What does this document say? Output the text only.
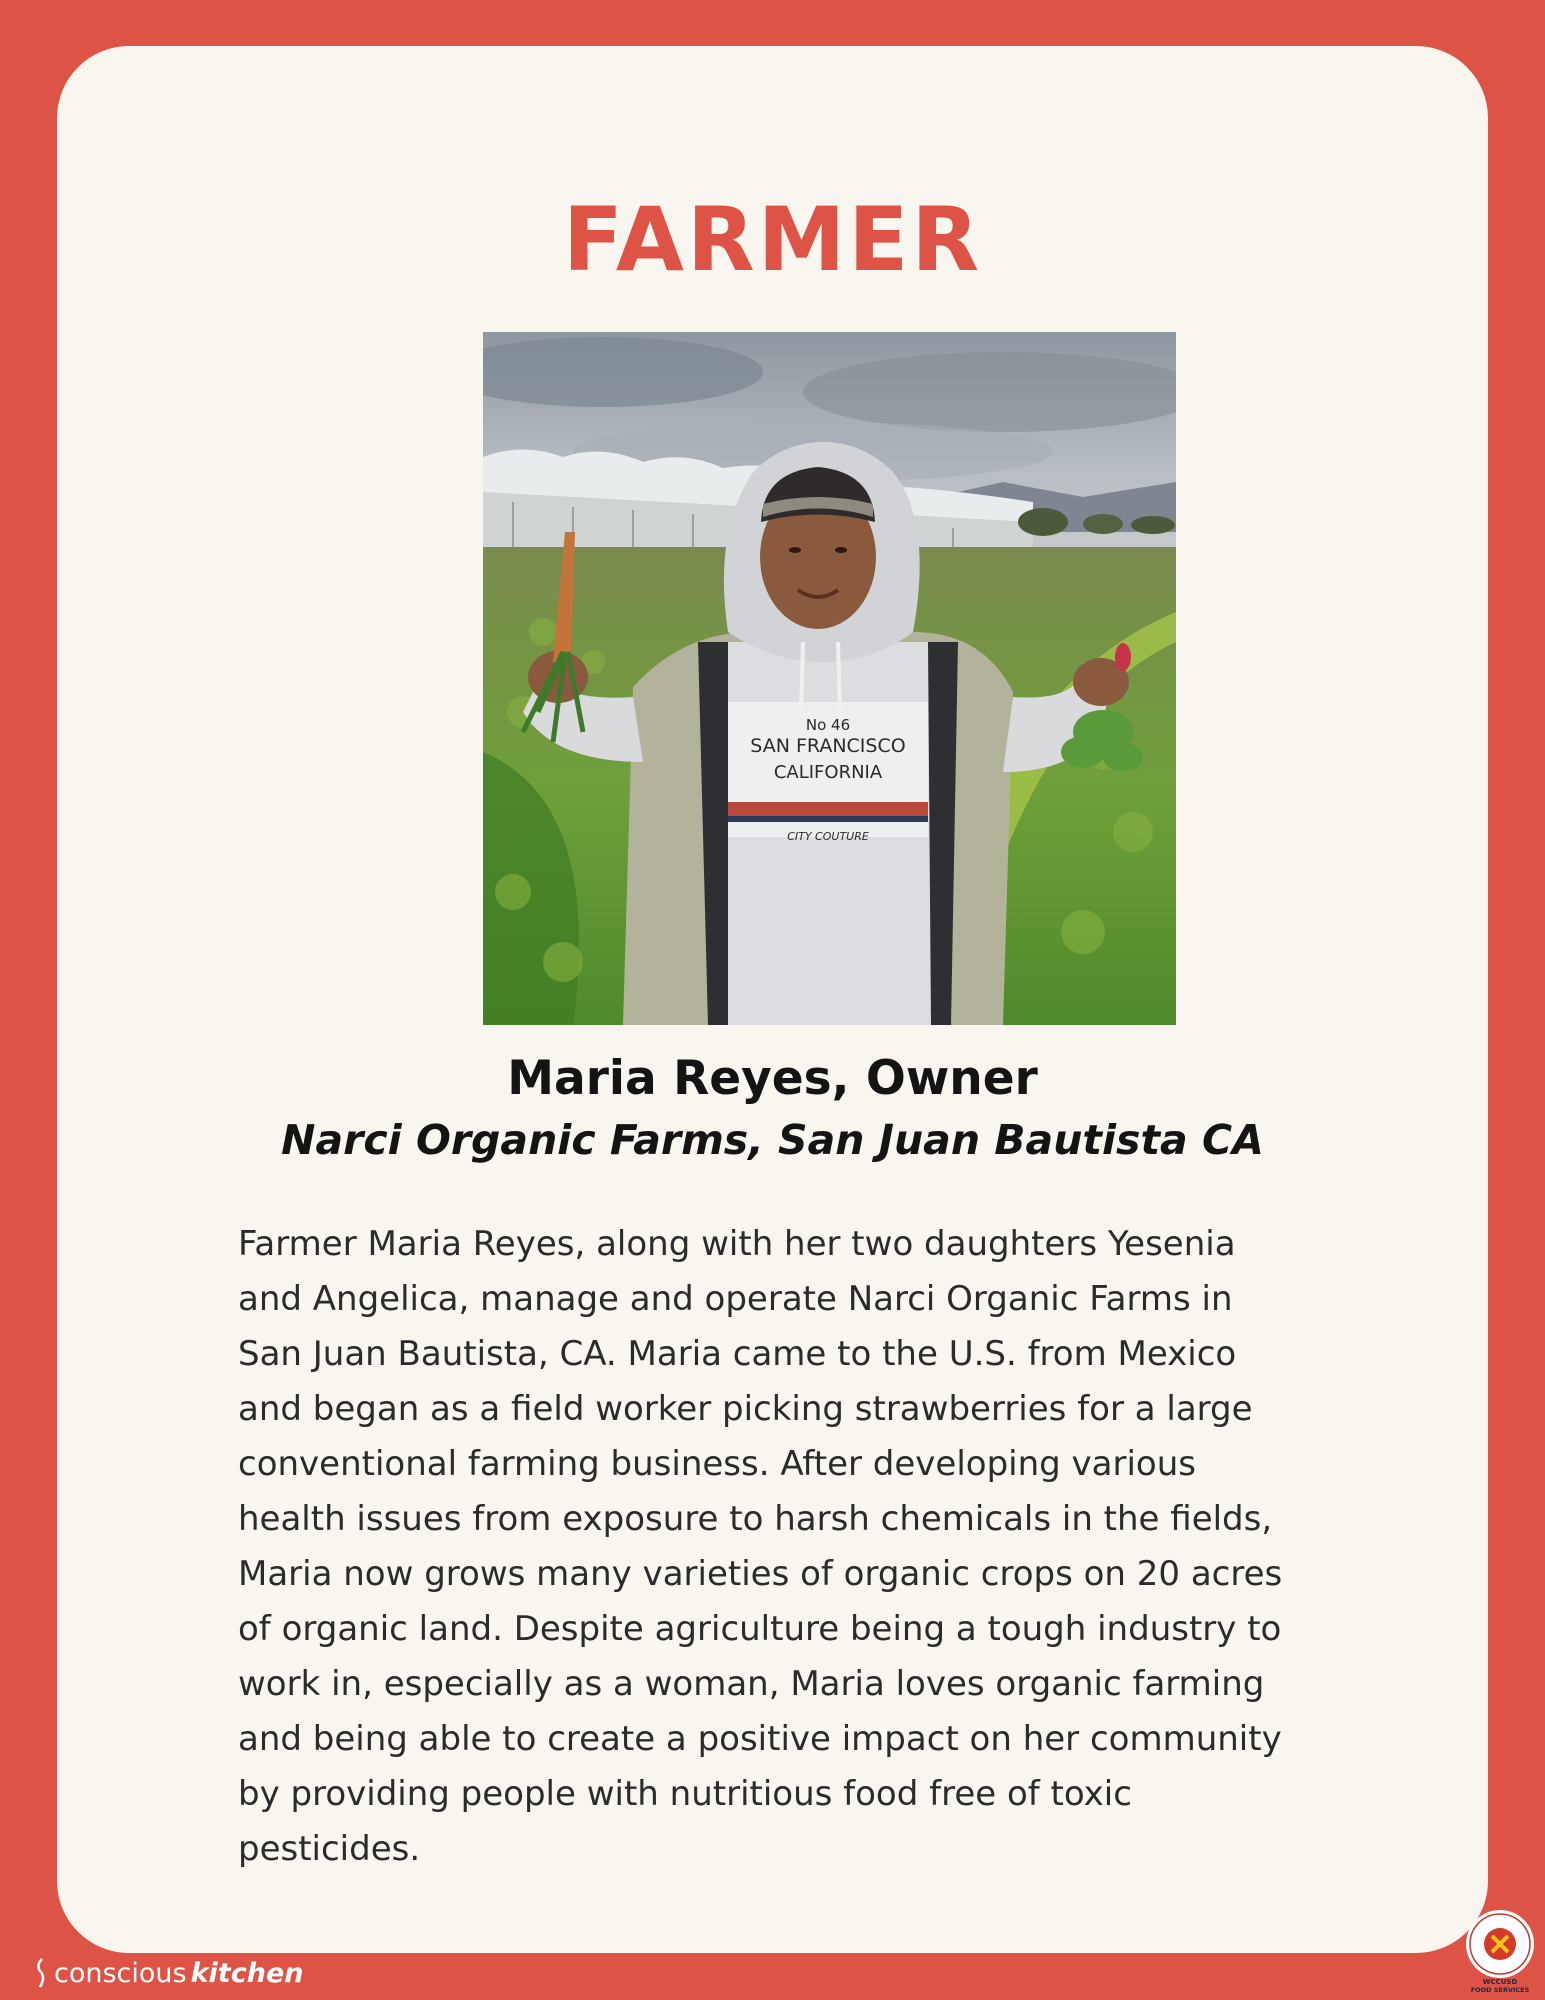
FARMER
No 46
SAN FRANCISCO
CALIFORNIA
CITY COUTURE
Maria Reyes, Owner
Narci Organic Farms, San Juan Bautista CA
Farmer Maria Reyes, along with her two daughters Yesenia
and Angelica, manage and operate Narci Organic Farms in
San Juan Bautista, CA. Maria came to the U.S. from Mexico
and began as a field worker picking strawberries for a large
conventional farming business. After developing various
health issues from exposure to harsh chemicals in the fields,
Maria now grows many varieties of organic crops on 20 acres
of organic land. Despite agriculture being a tough industry to
work in, especially as a woman, Maria loves organic farming
and being able to create a positive impact on her community
by providing people with nutritious food free of toxic
pesticides.
conscious kitchen	WCCUSD
FOOD SERVICES
